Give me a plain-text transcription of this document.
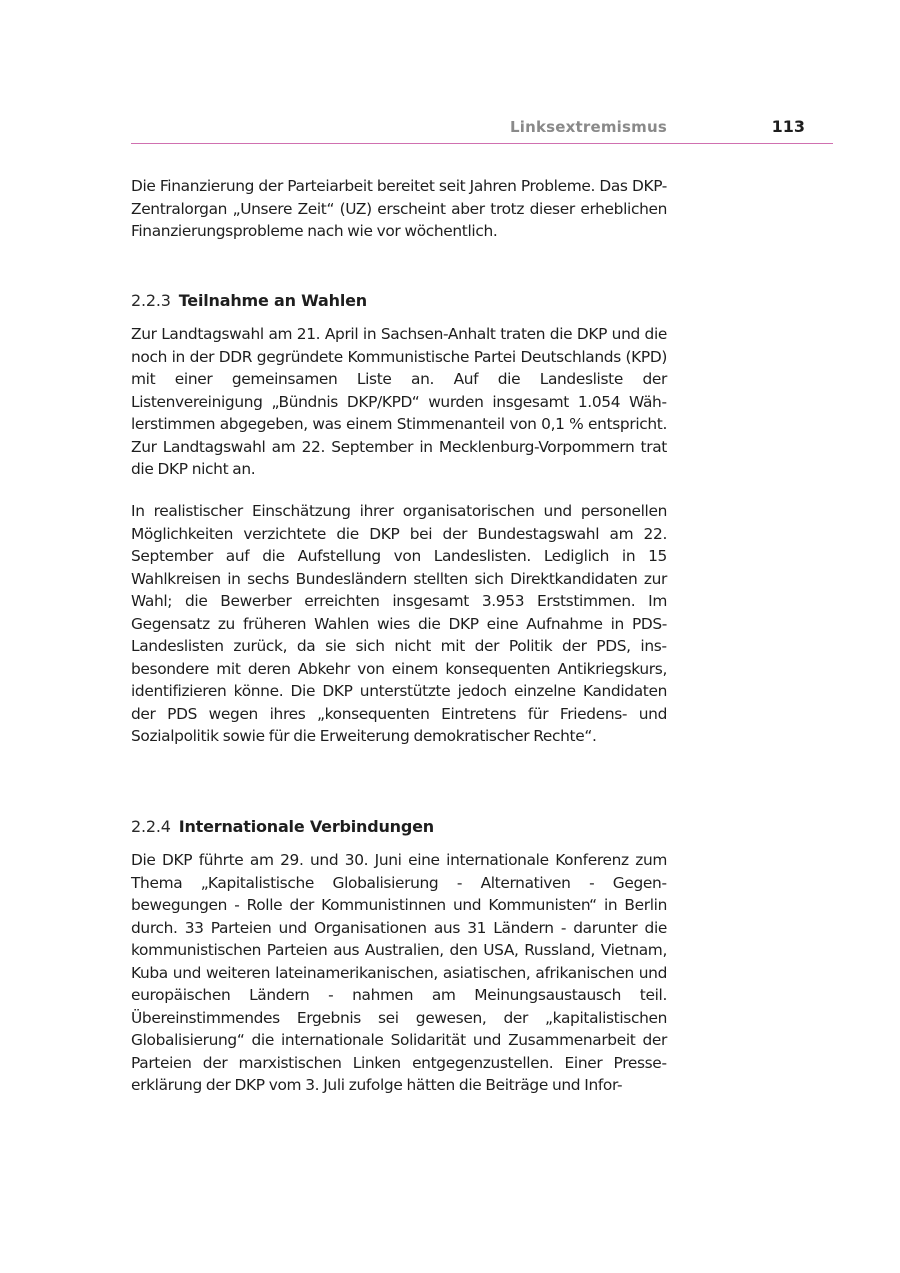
Linksextremismus	113

Die Finanzierung der Parteiarbeit bereitet seit Jahren Probleme. Das DKP-Zentralorgan „Unsere Zeit“ (UZ) erscheint aber trotz dieser erheblichen Finanzierungsprobleme nach wie vor wöchentlich.

2.2.3 Teilnahme an Wahlen

Zur Landtagswahl am 21. April in Sachsen-Anhalt traten die DKP und die noch in der DDR gegründete Kommunistische Partei Deutschlands (KPD) mit einer gemeinsamen Liste an. Auf die Landesliste der Listenvereinigung „Bündnis DKP/KPD“ wurden insgesamt 1.054 Wählerstimmen abgegeben, was einem Stimmenanteil von 0,1 % entspricht. Zur Landtagswahl am 22. September in Mecklenburg-Vorpommern trat die DKP nicht an.

In realistischer Einschätzung ihrer organisatorischen und personellen Möglichkeiten verzichtete die DKP bei der Bundestagswahl am 22. September auf die Aufstellung von Landeslisten. Lediglich in 15 Wahlkreisen in sechs Bundesländern stellten sich Direktkandidaten zur Wahl; die Bewerber erreichten insgesamt 3.953 Erststimmen. Im Gegensatz zu früheren Wahlen wies die DKP eine Aufnahme in PDS-Landeslisten zurück, da sie sich nicht mit der Politik der PDS, insbesondere mit deren Abkehr von einem konsequenten Antikriegskurs, identifizieren könne. Die DKP unterstützte jedoch einzelne Kandidaten der PDS wegen ihres „konsequenten Eintretens für Friedens- und Sozialpolitik sowie für die Erweiterung demokratischer Rechte“.

2.2.4 Internationale Verbindungen

Die DKP führte am 29. und 30. Juni eine internationale Konferenz zum Thema „Kapitalistische Globalisierung - Alternativen - Gegenbewegungen - Rolle der Kommunistinnen und Kommunisten“ in Berlin durch. 33 Parteien und Organisationen aus 31 Ländern - darunter die kommunistischen Parteien aus Australien, den USA, Russland, Vietnam, Kuba und weiteren lateinamerikanischen, asiatischen, afrikanischen und europäischen Ländern - nahmen am Meinungsaustausch teil. Übereinstimmendes Ergebnis sei gewesen, der „kapitalistischen Globalisierung“ die internationale Solidarität und Zusammenarbeit der Parteien der marxistischen Linken entgegenzustellen. Einer Presseerklärung der DKP vom 3. Juli zufolge hätten die Beiträge und Infor-
